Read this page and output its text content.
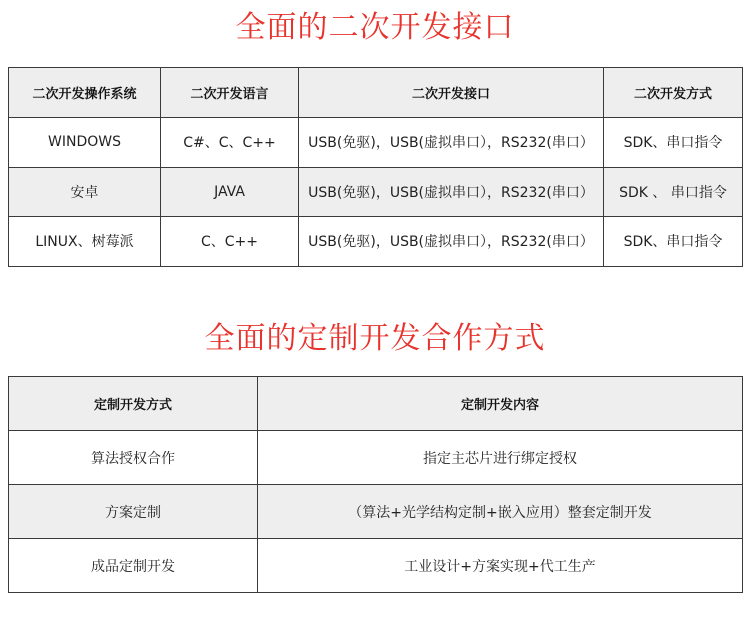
全面的二次开发接口
二次开发操作系统	二次开发语言	二次开发接口	二次开发方式
WINDOWS	C#、C、C++	USB(免驱)，USB(虚拟串口），RS232(串口）	SDK、串口指令
安卓	JAVA	USB(免驱)，USB(虚拟串口），RS232(串口）	SDK 、 串口指令
LINUX、树莓派	C、C++	USB(免驱)，USB(虚拟串口），RS232(串口）	SDK、串口指令
全面的定制开发合作方式
定制开发方式	定制开发内容
算法授权合作	指定主芯片进行绑定授权
方案定制	（算法+光学结构定制+嵌入应用）整套定制开发
成品定制开发	工业设计+方案实现+代工生产
